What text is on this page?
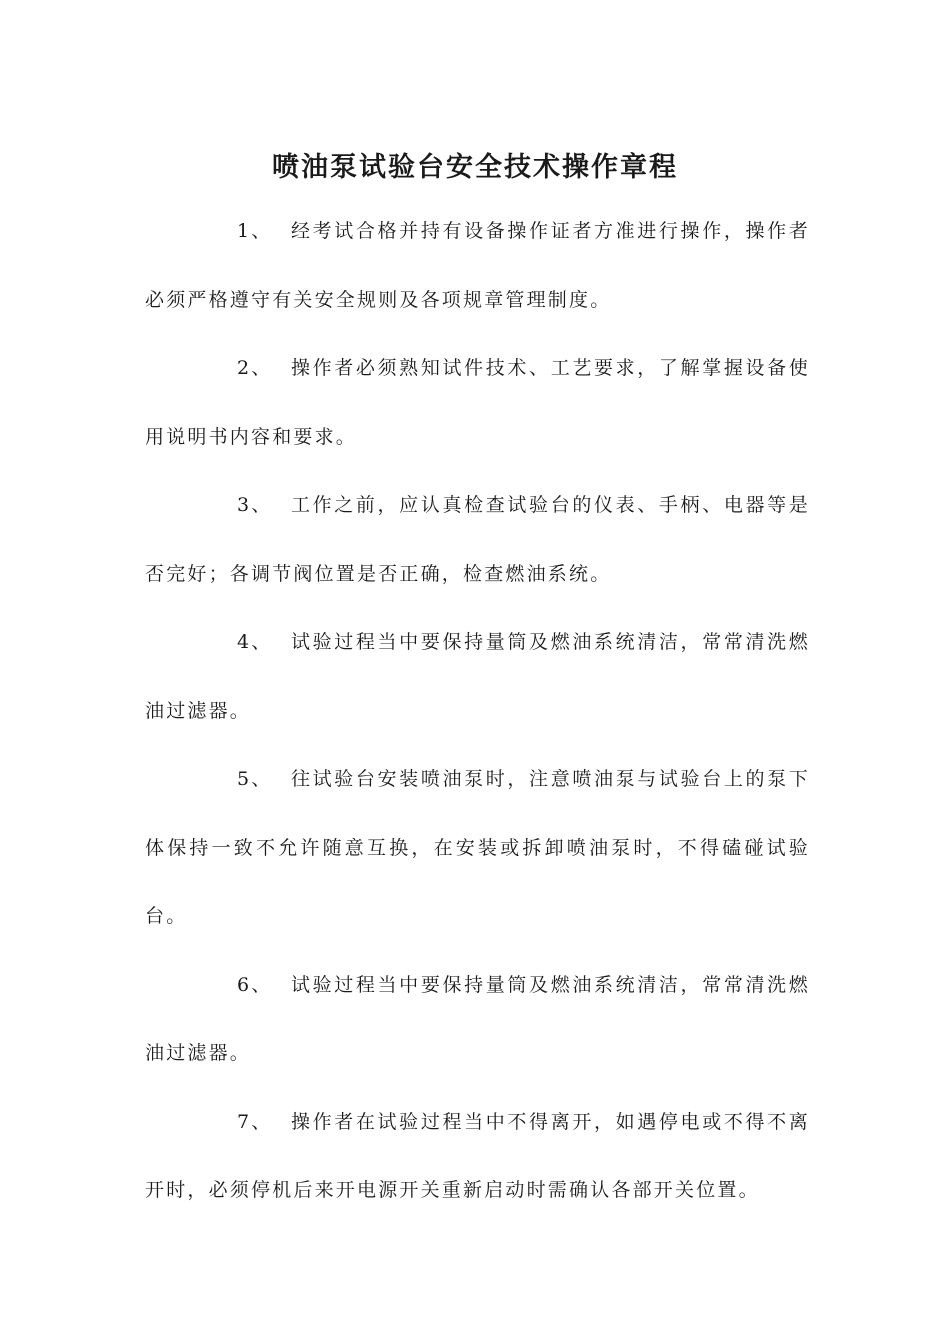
喷油泵试验台安全技术操作章程

1、 经考试合格并持有设备操作证者方准进行操作，操作者必须严格遵守有关安全规则及各项规章管理制度。

2、 操作者必须熟知试件技术、工艺要求，了解掌握设备使用说明书内容和要求。

3、 工作之前，应认真检查试验台的仪表、手柄、电器等是否完好；各调节阀位置是否正确，检查燃油系统。

4、 试验过程当中要保持量筒及燃油系统清洁，常常清洗燃油过滤器。

5、 往试验台安装喷油泵时，注意喷油泵与试验台上的泵下体保持一致不允许随意互换，在安装或拆卸喷油泵时，不得磕碰试验台。

6、 试验过程当中要保持量筒及燃油系统清洁，常常清洗燃油过滤器。

7、 操作者在试验过程当中不得离开，如遇停电或不得不离开时，必须停机后来开电源开关重新启动时需确认各部开关位置。
